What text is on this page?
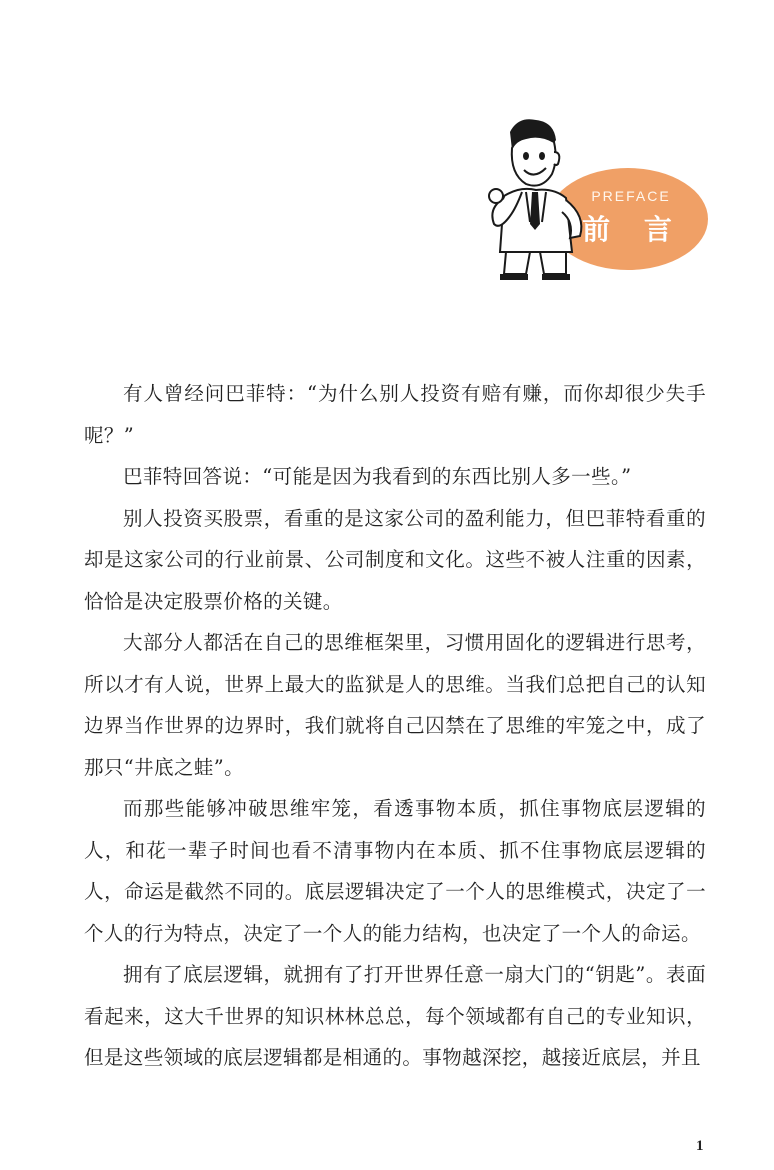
PREFACE
前 言

有人曾经问巴菲特：“为什么别人投资有赔有赚，而你却很少失手呢？”

巴菲特回答说：“可能是因为我看到的东西比别人多一些。”

别人投资买股票，看重的是这家公司的盈利能力，但巴菲特看重的却是这家公司的行业前景、公司制度和文化。这些不被人注重的因素，恰恰是决定股票价格的关键。

大部分人都活在自己的思维框架里，习惯用固化的逻辑进行思考，所以才有人说，世界上最大的监狱是人的思维。当我们总把自己的认知边界当作世界的边界时，我们就将自己囚禁在了思维的牢笼之中，成了那只“井底之蛙”。

而那些能够冲破思维牢笼，看透事物本质，抓住事物底层逻辑的人，和花一辈子时间也看不清事物内在本质、抓不住事物底层逻辑的人，命运是截然不同的。底层逻辑决定了一个人的思维模式，决定了一个人的行为特点，决定了一个人的能力结构，也决定了一个人的命运。

拥有了底层逻辑，就拥有了打开世界任意一扇大门的“钥匙”。表面看起来，这大千世界的知识林林总总，每个领域都有自己的专业知识，但是这些领域的底层逻辑都是相通的。事物越深挖，越接近底层，并且

1
